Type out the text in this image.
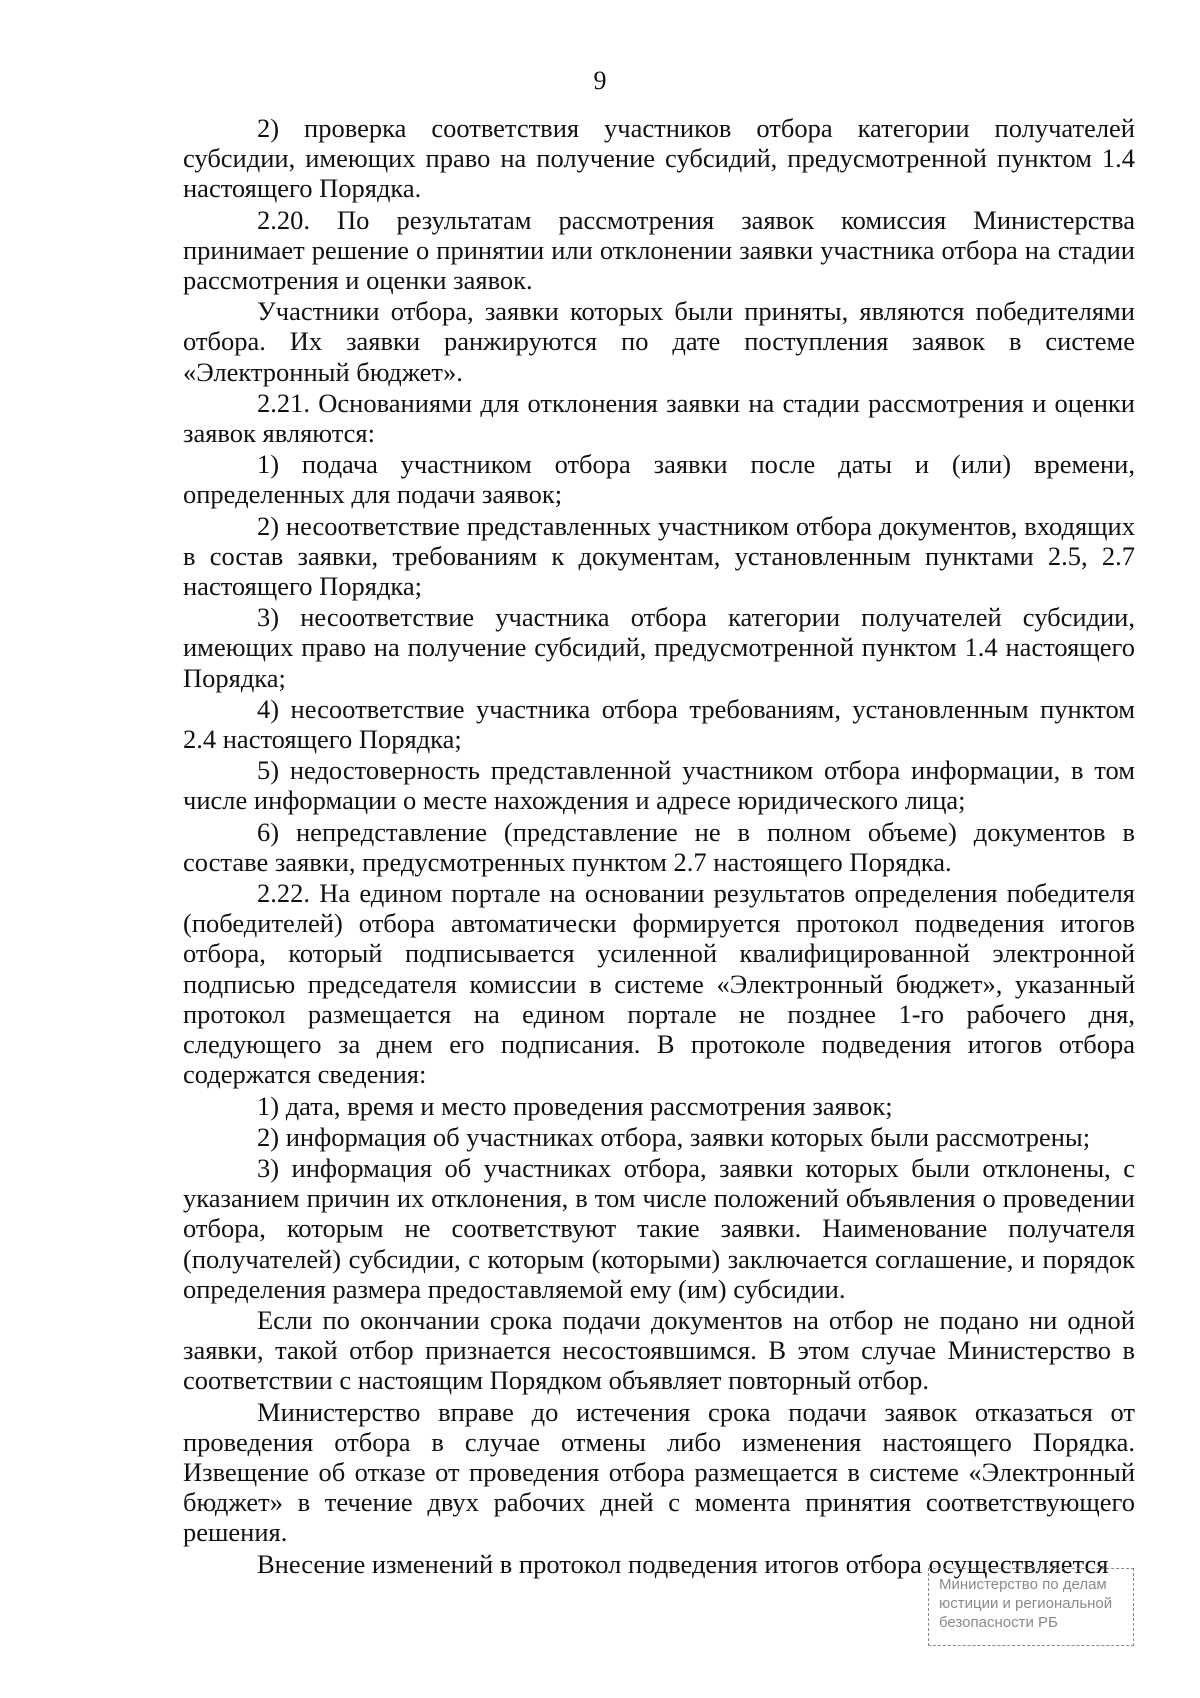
9

2) проверка соответствия участников отбора категории получателей субсидии, имеющих право на получение субсидий, предусмотренной пунктом 1.4 настоящего Порядка.

2.20. По результатам рассмотрения заявок комиссия Министерства принимает решение о принятии или отклонении заявки участника отбора на стадии рассмотрения и оценки заявок.

Участники отбора, заявки которых были приняты, являются победителями отбора. Их заявки ранжируются по дате поступления заявок в системе «Электронный бюджет».

2.21. Основаниями для отклонения заявки на стадии рассмотрения и оценки заявок являются:

1) подача участником отбора заявки после даты и (или) времени, определенных для подачи заявок;

2) несоответствие представленных участником отбора документов, входящих в состав заявки, требованиям к документам, установленным пунктами 2.5, 2.7 настоящего Порядка;

3) несоответствие участника отбора категории получателей субсидии, имеющих право на получение субсидий, предусмотренной пунктом 1.4 настоящего Порядка;

4) несоответствие участника отбора требованиям, установленным пунктом 2.4 настоящего Порядка;

5) недостоверность представленной участником отбора информации, в том числе информации о месте нахождения и адресе юридического лица;

6) непредставление (представление не в полном объеме) документов в составе заявки, предусмотренных пунктом 2.7 настоящего Порядка.

2.22. На едином портале на основании результатов определения победителя (победителей) отбора автоматически формируется протокол подведения итогов отбора, который подписывается усиленной квалифицированной электронной подписью председателя комиссии в системе «Электронный бюджет», указанный протокол размещается на едином портале не позднее 1-го рабочего дня, следующего за днем его подписания. В протоколе подведения итогов отбора содержатся сведения:

1) дата, время и место проведения рассмотрения заявок;

2) информация об участниках отбора, заявки которых были рассмотрены;

3) информация об участниках отбора, заявки которых были отклонены, с указанием причин их отклонения, в том числе положений объявления о проведении отбора, которым не соответствуют такие заявки. Наименование получателя (получателей) субсидии, с которым (которыми) заключается соглашение, и порядок определения размера предоставляемой ему (им) субсидии.

Если по окончании срока подачи документов на отбор не подано ни одной заявки, такой отбор признается несостоявшимся. В этом случае Министерство в соответствии с настоящим Порядком объявляет повторный отбор.

Министерство вправе до истечения срока подачи заявок отказаться от проведения отбора в случае отмены либо изменения настоящего Порядка. Извещение об отказе от проведения отбора размещается в системе «Электронный бюджет» в течение двух рабочих дней с момента принятия соответствующего решения.

Внесение изменений в протокол подведения итогов отбора осуществляется

Министерство по делам
юстиции и региональной
безопасности РБ
